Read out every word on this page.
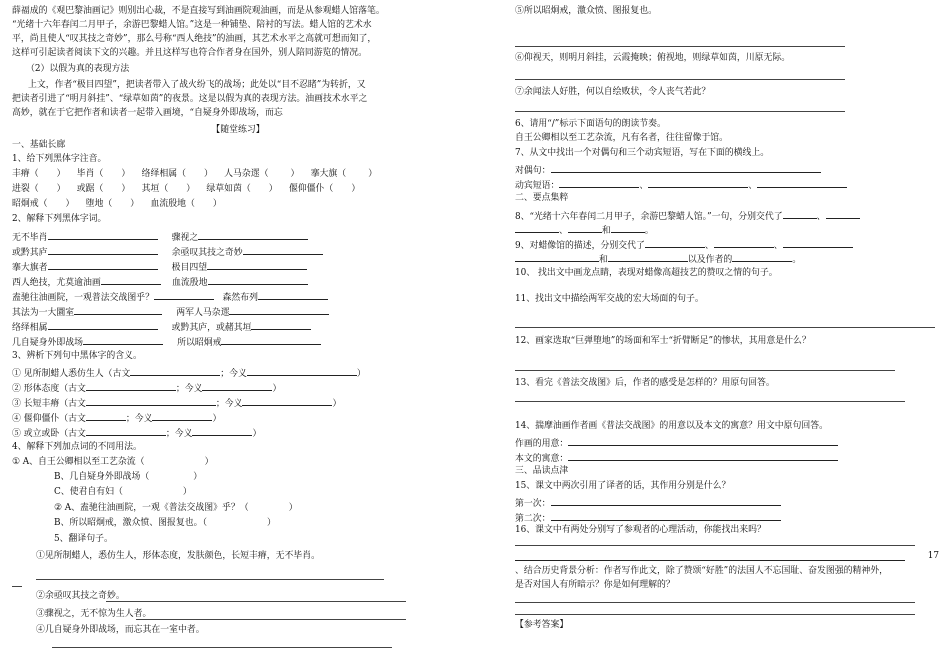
薛福成的《观巴黎油画记》则别出心裁，不是直接写到油画院观油画，而是从参观蜡人馆落笔。
“光绪十六年春闰二月甲子，余游巴黎蜡人馆。”这是一种铺垫、陪衬的写法。蜡人馆的艺术水
平，尚且使人“叹其技之奇妙”，那么号称“西人绝技”的油画，其艺术水平之高就可想而知了，
这样可引起读者阅读下文的兴趣。并且这样写也符合作者身在国外，别人陪同游览的情况。
（2）以假为真的表现方法
上文，作者“极目四望”，把读者带入了战火纷飞的战场；此处以“目不忍睹”为转折，又
把读者引进了“明月斜挂”、“绿草如茵”的夜景。这是以假为真的表现方法。油画技术水平之
高妙，就在于它把作者和读者一起带入画境，“自疑身外即战场，而忘
【随堂练习】
一、基础长廊
1、给下列黑体字注音。
丰瘠（ ） 毕肖（ ） 络绎相属（ ） 人马杂遝（ ） 搴大旗（ ）
进裂（ ） 或踞（ ） 其垣（ ） 绿草如茵（ ） 偃仰僵仆（ ）
昭炯戒（ ） 堕地（ ） 血流殷地（ ）
2、解释下列黑体字词。
无不毕肖	骤视之
或黔其庐	余亟叹其技之奇妙
搴大旗者	极目四望
西人绝技，尤莫逾油画	血流殷地
盍驰往油画院，一观普法交战图乎？	森然布列
其法为一大圜室	两军人马杂遝
络绎相属	或黔其庐，或赭其垣
几自疑身外即战场	所以昭炯戒
3、辨析下列句中黑体字的含义。
① 见所制蜡人悉仿生人（古文	；今义	）
② 形体态度（古文	；今义	）
③ 长短丰瘠（古文	；今义	）
④ 偃仰僵仆（古文	；今义	）
⑤ 或立或卧（古文	；今义	）
4、解释下列加点词的不同用法。
① A、自王公卿相以至工艺杂流（	）
B、几自疑身外即战场（	）
C、使君自有妇（	）
② A、盍驰往油画院，一观《普法交战图》乎？（	）
B、所以昭炯戒，激众愤、图报复也。（	）
5、翻译句子。
①见所制蜡人，悉仿生人，形体态度，发肤颜色，长短丰瘠，无不毕肖。
②余亟叹其技之奇妙。
③骤视之，无不惊为生人者。
④几自疑身外即战场，而忘其在一室中者。
⑤所以昭炯戒，激众愤、图报复也。
⑥仰视天，则明月斜挂，云霞掩映；俯视地，则绿草如茵，川原无际。
⑦余闻法人好胜，何以自绘败状，令人丧气若此？
6、请用“/”标示下面语句的朗读节奏。
自王公卿相以至工艺杂流，凡有名者，往往留像于馆。
7、从文中找出一个对偶句和三个动宾短语，写在下面的横线上。
对偶句：
动宾短语：	、	、
二、要点集粹
8、“光绪十六年春闰二月甲子，余游巴黎蜡人馆。”一句，分别交代了	、
、	和	。
9、对蜡像馆的描述，分别交代了	、	、
和	以及作者的	。
10、 找出文中画龙点睛，表现对蜡像高超技艺的赞叹之情的句子。
11、找出文中描绘两军交战的宏大场面的句子。
12、画家选取“巨弹堕地”的场面和军士“折臂断足”的惨状，其用意是什么？
13、看完《普法交战图》后，作者的感受是怎样的？用原句回答。
14、揣摩油画作者画《普法交战图》的用意以及本文的寓意？用文中原句回答。
作画的用意：
本文的寓意：
三、品读点津
15、课文中两次引用了译者的话，其作用分别是什么？
第一次：
第二次：
16、课文中有两处分别写了参观者的心理活动，你能找出来吗？
17
、结合历史背景分析：作者写作此文，除了赞颂“好胜”的法国人不忘国耻、奋发图强的精神外，
是否对国人有所暗示？你是如何理解的？
【参考答案】
